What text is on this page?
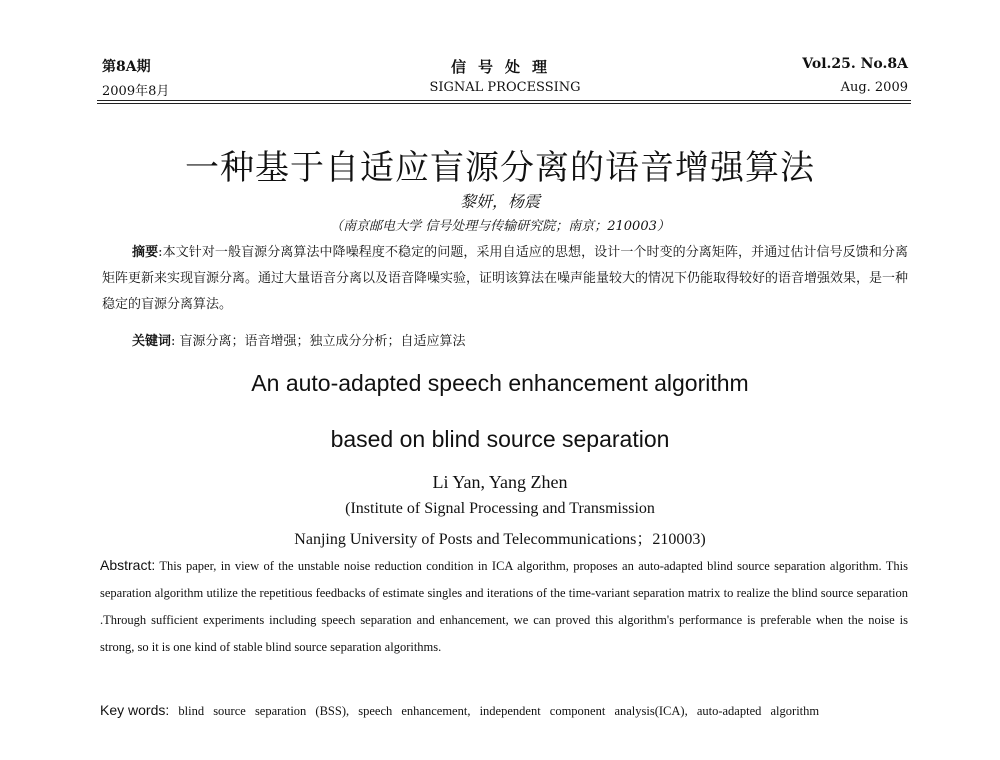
第8A期	信号处理	Vol.25. No.8A
2009年8月	SIGNAL PROCESSING	Aug. 2009
一种基于自适应盲源分离的语音增强算法
黎妍，杨震
（南京邮电大学 信号处理与传输研究院；南京；210003）
摘要:本文针对一般盲源分离算法中降噪程度不稳定的问题，采用自适应的思想，设计一个时变的分离矩阵，并通过估计信号反馈和分离矩阵更新来实现盲源分离。通过大量语音分离以及语音降噪实验，证明该算法在噪声能量较大的情况下仍能取得较好的语音增强效果，是一种稳定的盲源分离算法。
关键词: 盲源分离；语音增强；独立成分分析；自适应算法
An auto-adapted speech enhancement algorithm
based on blind source separation
Li Yan, Yang Zhen
(Institute of Signal Processing and Transmission
Nanjing University of Posts and Telecommunications；210003)
Abstract: This paper, in view of the unstable noise reduction condition in ICA algorithm, proposes an auto-adapted blind source separation algorithm. This separation algorithm utilize the repetitious feedbacks of estimate singles and iterations of the time-variant separation matrix to realize the blind source separation .Through sufficient experiments including speech separation and enhancement, we can proved this algorithm's performance is preferable when the noise is strong, so it is one kind of stable blind source separation algorithms.
Key words: blind source separation (BSS), speech enhancement, independent component analysis(ICA), auto-adapted algorithm
